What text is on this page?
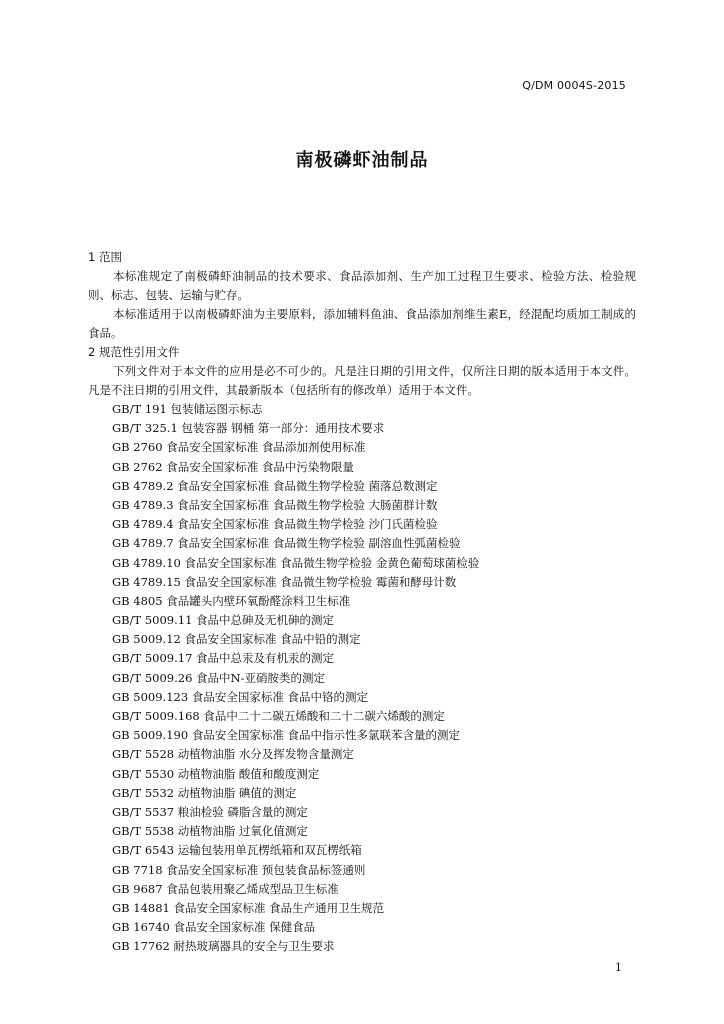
Q/DM 0004S-2015
南极磷虾油制品
1 范围
本标准规定了南极磷虾油制品的技术要求、食品添加剂、生产加工过程卫生要求、检验方法、检验规则、标志、包装、运输与贮存。
本标准适用于以南极磷虾油为主要原料，添加辅料鱼油、食品添加剂维生素E，经混配均质加工制成的食品。
2 规范性引用文件
下列文件对于本文件的应用是必不可少的。凡是注日期的引用文件，仅所注日期的版本适用于本文件。凡是不注日期的引用文件，其最新版本（包括所有的修改单）适用于本文件。
GB/T 191 包装储运图示标志
GB/T 325.1 包装容器 钢桶 第一部分：通用技术要求
GB 2760 食品安全国家标准 食品添加剂使用标准
GB 2762 食品安全国家标准 食品中污染物限量
GB 4789.2 食品安全国家标准 食品微生物学检验 菌落总数测定
GB 4789.3 食品安全国家标准 食品微生物学检验 大肠菌群计数
GB 4789.4 食品安全国家标准 食品微生物学检验 沙门氏菌检验
GB 4789.7 食品安全国家标准 食品微生物学检验 副溶血性弧菌检验
GB 4789.10 食品安全国家标准 食品微生物学检验 金黄色葡萄球菌检验
GB 4789.15 食品安全国家标准 食品微生物学检验 霉菌和酵母计数
GB 4805 食品罐头内壁环氧酚醛涂料卫生标准
GB/T 5009.11 食品中总砷及无机砷的测定
GB 5009.12 食品安全国家标准 食品中铅的测定
GB/T 5009.17 食品中总汞及有机汞的测定
GB/T 5009.26 食品中N-亚硝胺类的测定
GB 5009.123 食品安全国家标准 食品中铬的测定
GB/T 5009.168 食品中二十二碳五烯酸和二十二碳六烯酸的测定
GB 5009.190 食品安全国家标准 食品中指示性多氯联苯含量的测定
GB/T 5528 动植物油脂 水分及挥发物含量测定
GB/T 5530 动植物油脂 酸值和酸度测定
GB/T 5532 动植物油脂 碘值的测定
GB/T 5537 粮油检验 磷脂含量的测定
GB/T 5538 动植物油脂 过氧化值测定
GB/T 6543 运输包装用单瓦楞纸箱和双瓦楞纸箱
GB 7718 食品安全国家标准 预包装食品标签通则
GB 9687 食品包装用聚乙烯成型品卫生标准
GB 14881 食品安全国家标准 食品生产通用卫生规范
GB 16740 食品安全国家标准 保健食品
GB 17762 耐热玻璃器具的安全与卫生要求
1
